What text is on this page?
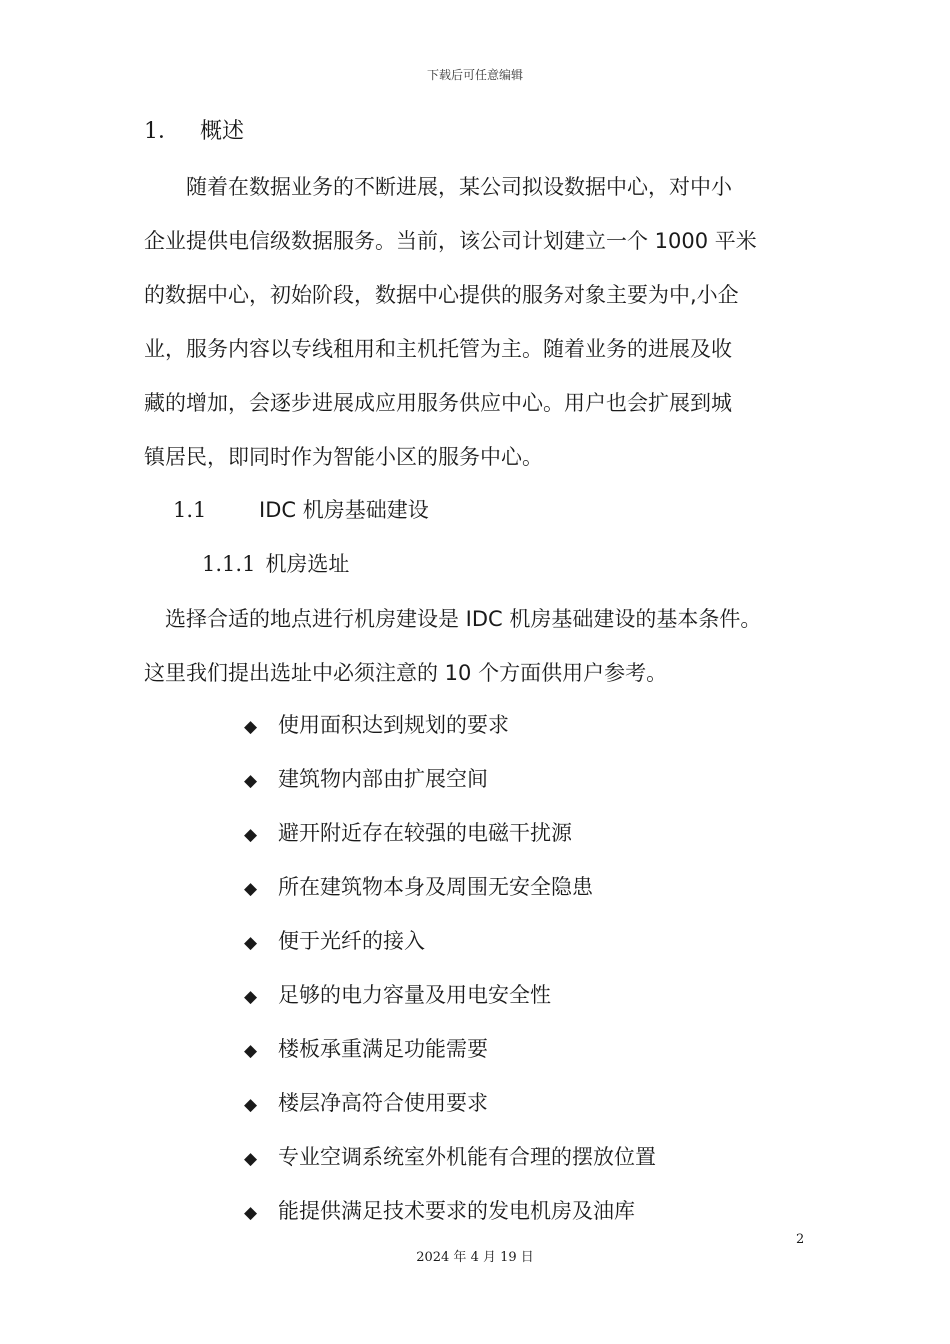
下载后可任意编辑
1． 概述
　　随着在数据业务的不断进展，某公司拟设数据中心，对中小
企业提供电信级数据服务。当前，该公司计划建立一个 1000 平米
的数据中心，初始阶段，数据中心提供的服务对象主要为中,小企
业，服务内容以专线租用和主机托管为主。随着业务的进展及收
藏的增加，会逐步进展成应用服务供应中心。用户也会扩展到城
镇居民，即同时作为智能小区的服务中心。
1.1	IDC 机房基础建设
1.1.1 机房选址
　选择合适的地点进行机房建设是 IDC 机房基础建设的基本条件。
这里我们提出选址中必须注意的 10 个方面供用户参考。
◆ 使用面积达到规划的要求
◆ 建筑物内部由扩展空间
◆ 避开附近存在较强的电磁干扰源
◆ 所在建筑物本身及周围无安全隐患
◆ 便于光纤的接入
◆ 足够的电力容量及用电安全性
◆ 楼板承重满足功能需要
◆ 楼层净高符合使用要求
◆ 专业空调系统室外机能有合理的摆放位置
◆ 能提供满足技术要求的发电机房及油库
2
2024 年 4 月 19 日
